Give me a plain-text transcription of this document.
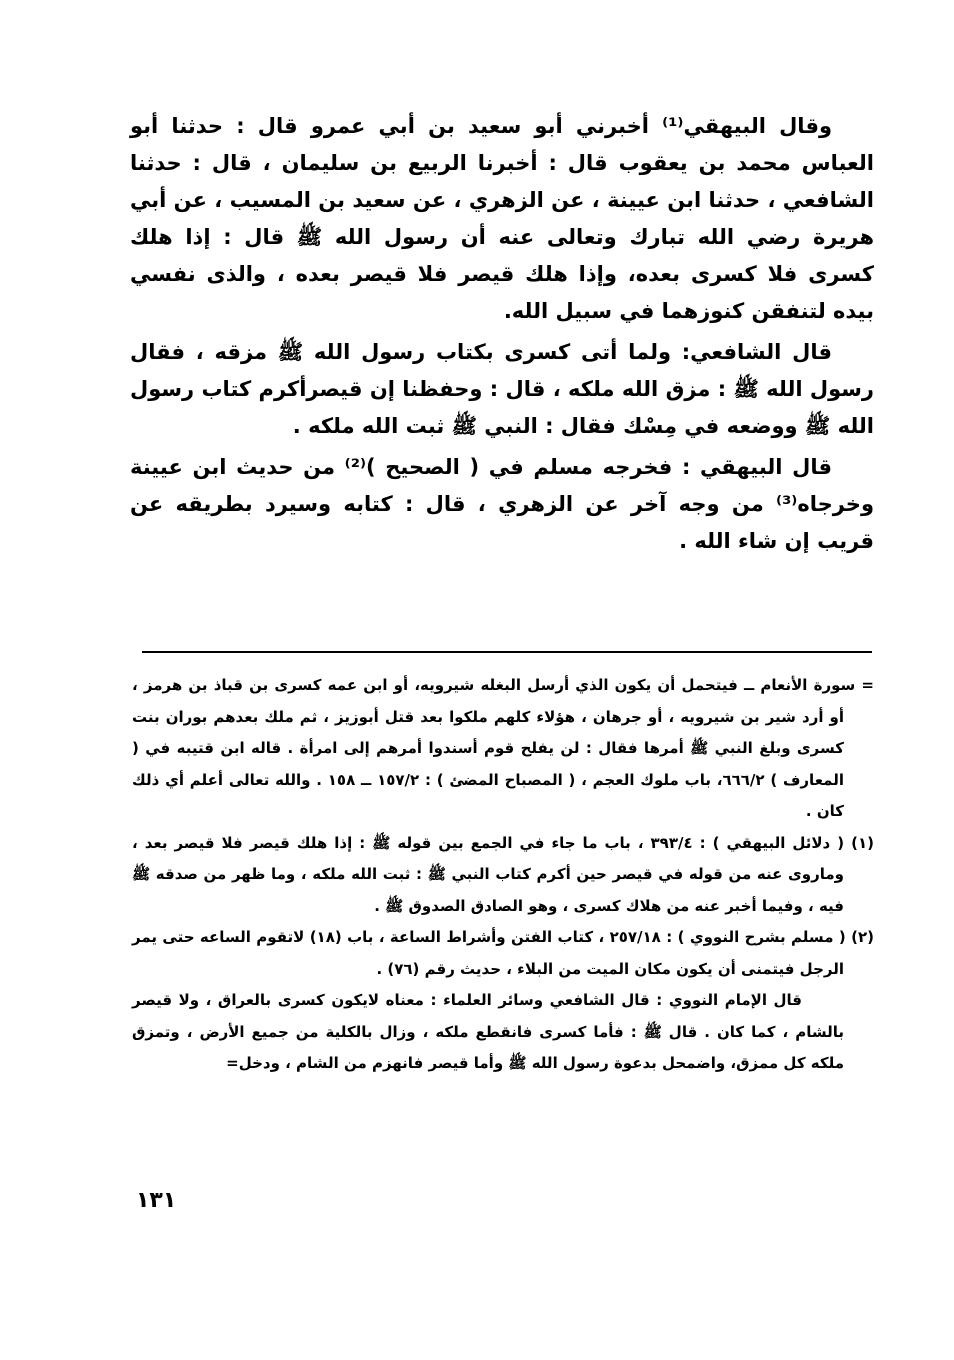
وقال البيهقي⁽¹⁾ أخبرني أبو سعيد بن أبي عمرو قال : حدثنا أبو العباس محمد بن يعقوب قال : أخبرنا الربيع بن سليمان ، قال : حدثنا الشافعي ، حدثنا ابن عيينة ، عن الزهري ، عن سعيد بن المسيب ، عن أبي هريرة رضي الله تبارك وتعالى عنه أن رسول الله ﷺ قال : إذا هلك كسرى فلا كسرى بعده، وإذا هلك قيصر فلا قيصر بعده ، والذى نفسي بيده لتنفقن كنوزهما في سبيل الله.

قال الشافعي: ولما أتى كسرى بكتاب رسول الله ﷺ مزقه ، فقال رسول الله ﷺ : مزق الله ملكه ، قال : وحفظنا إن قيصرأكرم كتاب رسول الله ﷺ ووضعه في مِسْك فقال : النبي ﷺ ثبت الله ملكه .

قال البيهقي : فخرجه مسلم في ( الصحيح )⁽²⁾ من حديث ابن عيينة وخرجاه⁽³⁾ من وجه آخر عن الزهري ، قال : كتابه وسيرد بطريقه عن قريب إن شاء الله .

= سورة الأنعام ــ فيتحمل أن يكون الذي أرسل البغله شيرويه، أو ابن عمه كسرى بن قباذ بن هرمز ، أو أرد شير بن شيرويه ، أو جرهان ، هؤلاء كلهم ملكوا بعد قتل أبوزيز ، ثم ملك بعدهم بوران بنت كسرى وبلغ النبي ﷺ أمرها فقال : لن يفلح قوم أسندوا أمرهم إلى امرأة . قاله ابن قتيبه في ( المعارف ) ٦٦٦/٢، باب ملوك العجم ، ( المصباح المضئ ) : ١٥٧/٢ ــ ١٥٨ . والله تعالى أعلم أي ذلك كان .

(١) ( دلائل البيهقي ) : ٣٩٣/٤ ، باب ما جاء في الجمع بين قوله ﷺ : إذا هلك قيصر فلا قيصر بعد ، وماروى عنه من قوله في قيصر حين أكرم كتاب النبي ﷺ : ثبت الله ملكه ، وما ظهر من صدقه ﷺ فيه ، وفيما أخبر عنه من هلاك كسرى ، وهو الصادق الصدوق ﷺ .

(٢) ( مسلم بشرح النووي ) : ٢٥٧/١٨ ، كتاب الفتن وأشراط الساعة ، باب (١٨) لاتقوم الساعه حتى يمر الرجل فيتمنى أن يكون مكان الميت من البلاء ، حديث رقم (٧٦) .

قال الإمام النووي : قال الشافعي وسائر العلماء : معناه لايكون كسرى بالعراق ، ولا قيصر بالشام ، كما كان . قال ﷺ : فأما كسرى فانقطع ملكه ، وزال بالكلية من جميع الأرض ، وتمزق ملكه كل ممزق، واضمحل بدعوة رسول الله ﷺ وأما قيصر فانهزم من الشام ، ودخل=

١٣١
